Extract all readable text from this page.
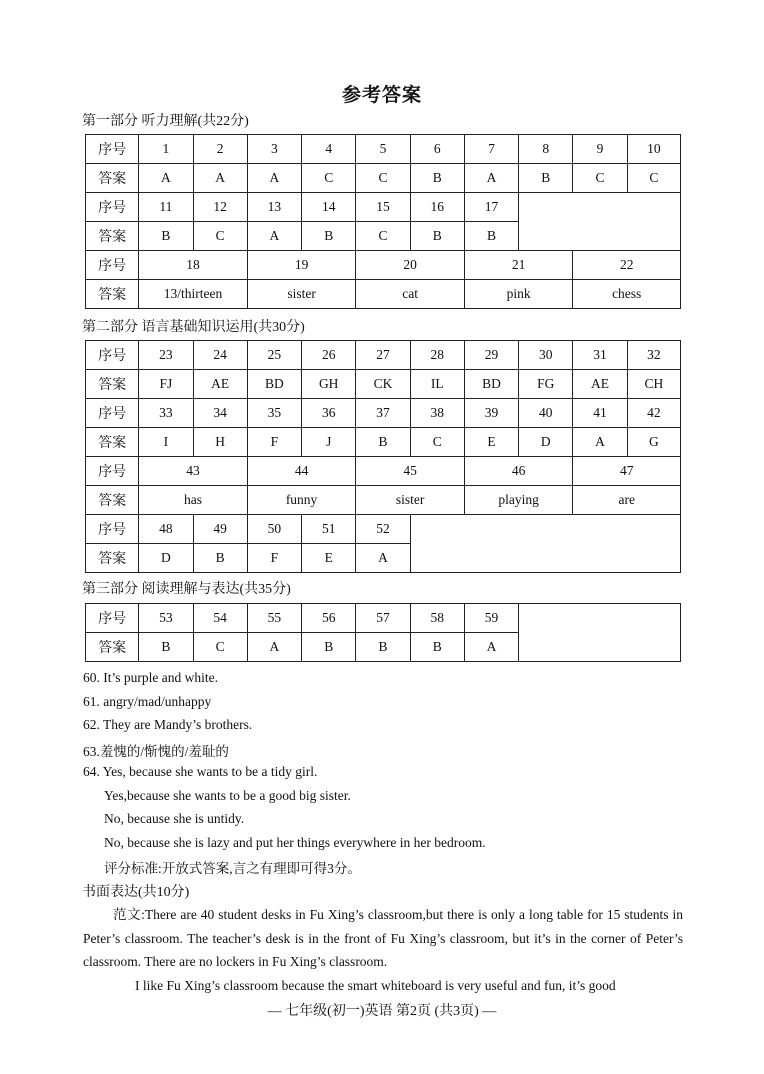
参考答案
第一部分 听力理解(共22分)
序号	1	2	3	4	5	6	7	8	9	10
答案	A	A	A	C	C	B	A	B	C	C
序号	11	12	13	14	15	16	17			
答案	B	C	A	B	C	B	B			
序号	18		19		20		21		22	
答案	13/thirteen		sister		cat		pink		chess	
第二部分 语言基础知识运用(共30分)
序号	23	24	25	26	27	28	29	30	31	32
答案	FJ	AE	BD	GH	CK	IL	BD	FG	AE	CH
序号	33	34	35	36	37	38	39	40	41	42
答案	I	H	F	J	B	C	E	D	A	G
序号	43		44		45		46		47	
答案	has		funny		sister		playing		are	
序号	48	49	50	51	52					
答案	D	B	F	E	A					
第三部分 阅读理解与表达(共35分)
序号	53	54	55	56	57	58	59	
答案	B	C	A	B	B	B	A	
60. It’s purple and white.
61. angry/mad/unhappy
62. They are Mandy’s brothers.
63.羞愧的/惭愧的/羞耻的
64. Yes, because she wants to be a tidy girl.
Yes,because she wants to be a good big sister.
No, because she is untidy.
No, because she is lazy and put her things everywhere in her bedroom.
评分标准:开放式答案,言之有理即可得3分。
书面表达(共10分)

范文:There are 40 student desks in Fu Xing’s classroom,but there is only a long table for 15 students in Peter’s classroom. The teacher’s desk is in the front of Fu Xing’s classroom, but it’s in the corner of Peter’s classroom. There are no lockers in Fu Xing’s classroom.

I like Fu Xing’s classroom because the smart whiteboard is very useful and fun, it’s good

— 七年级(初一)英语 第2页 (共3页) —
